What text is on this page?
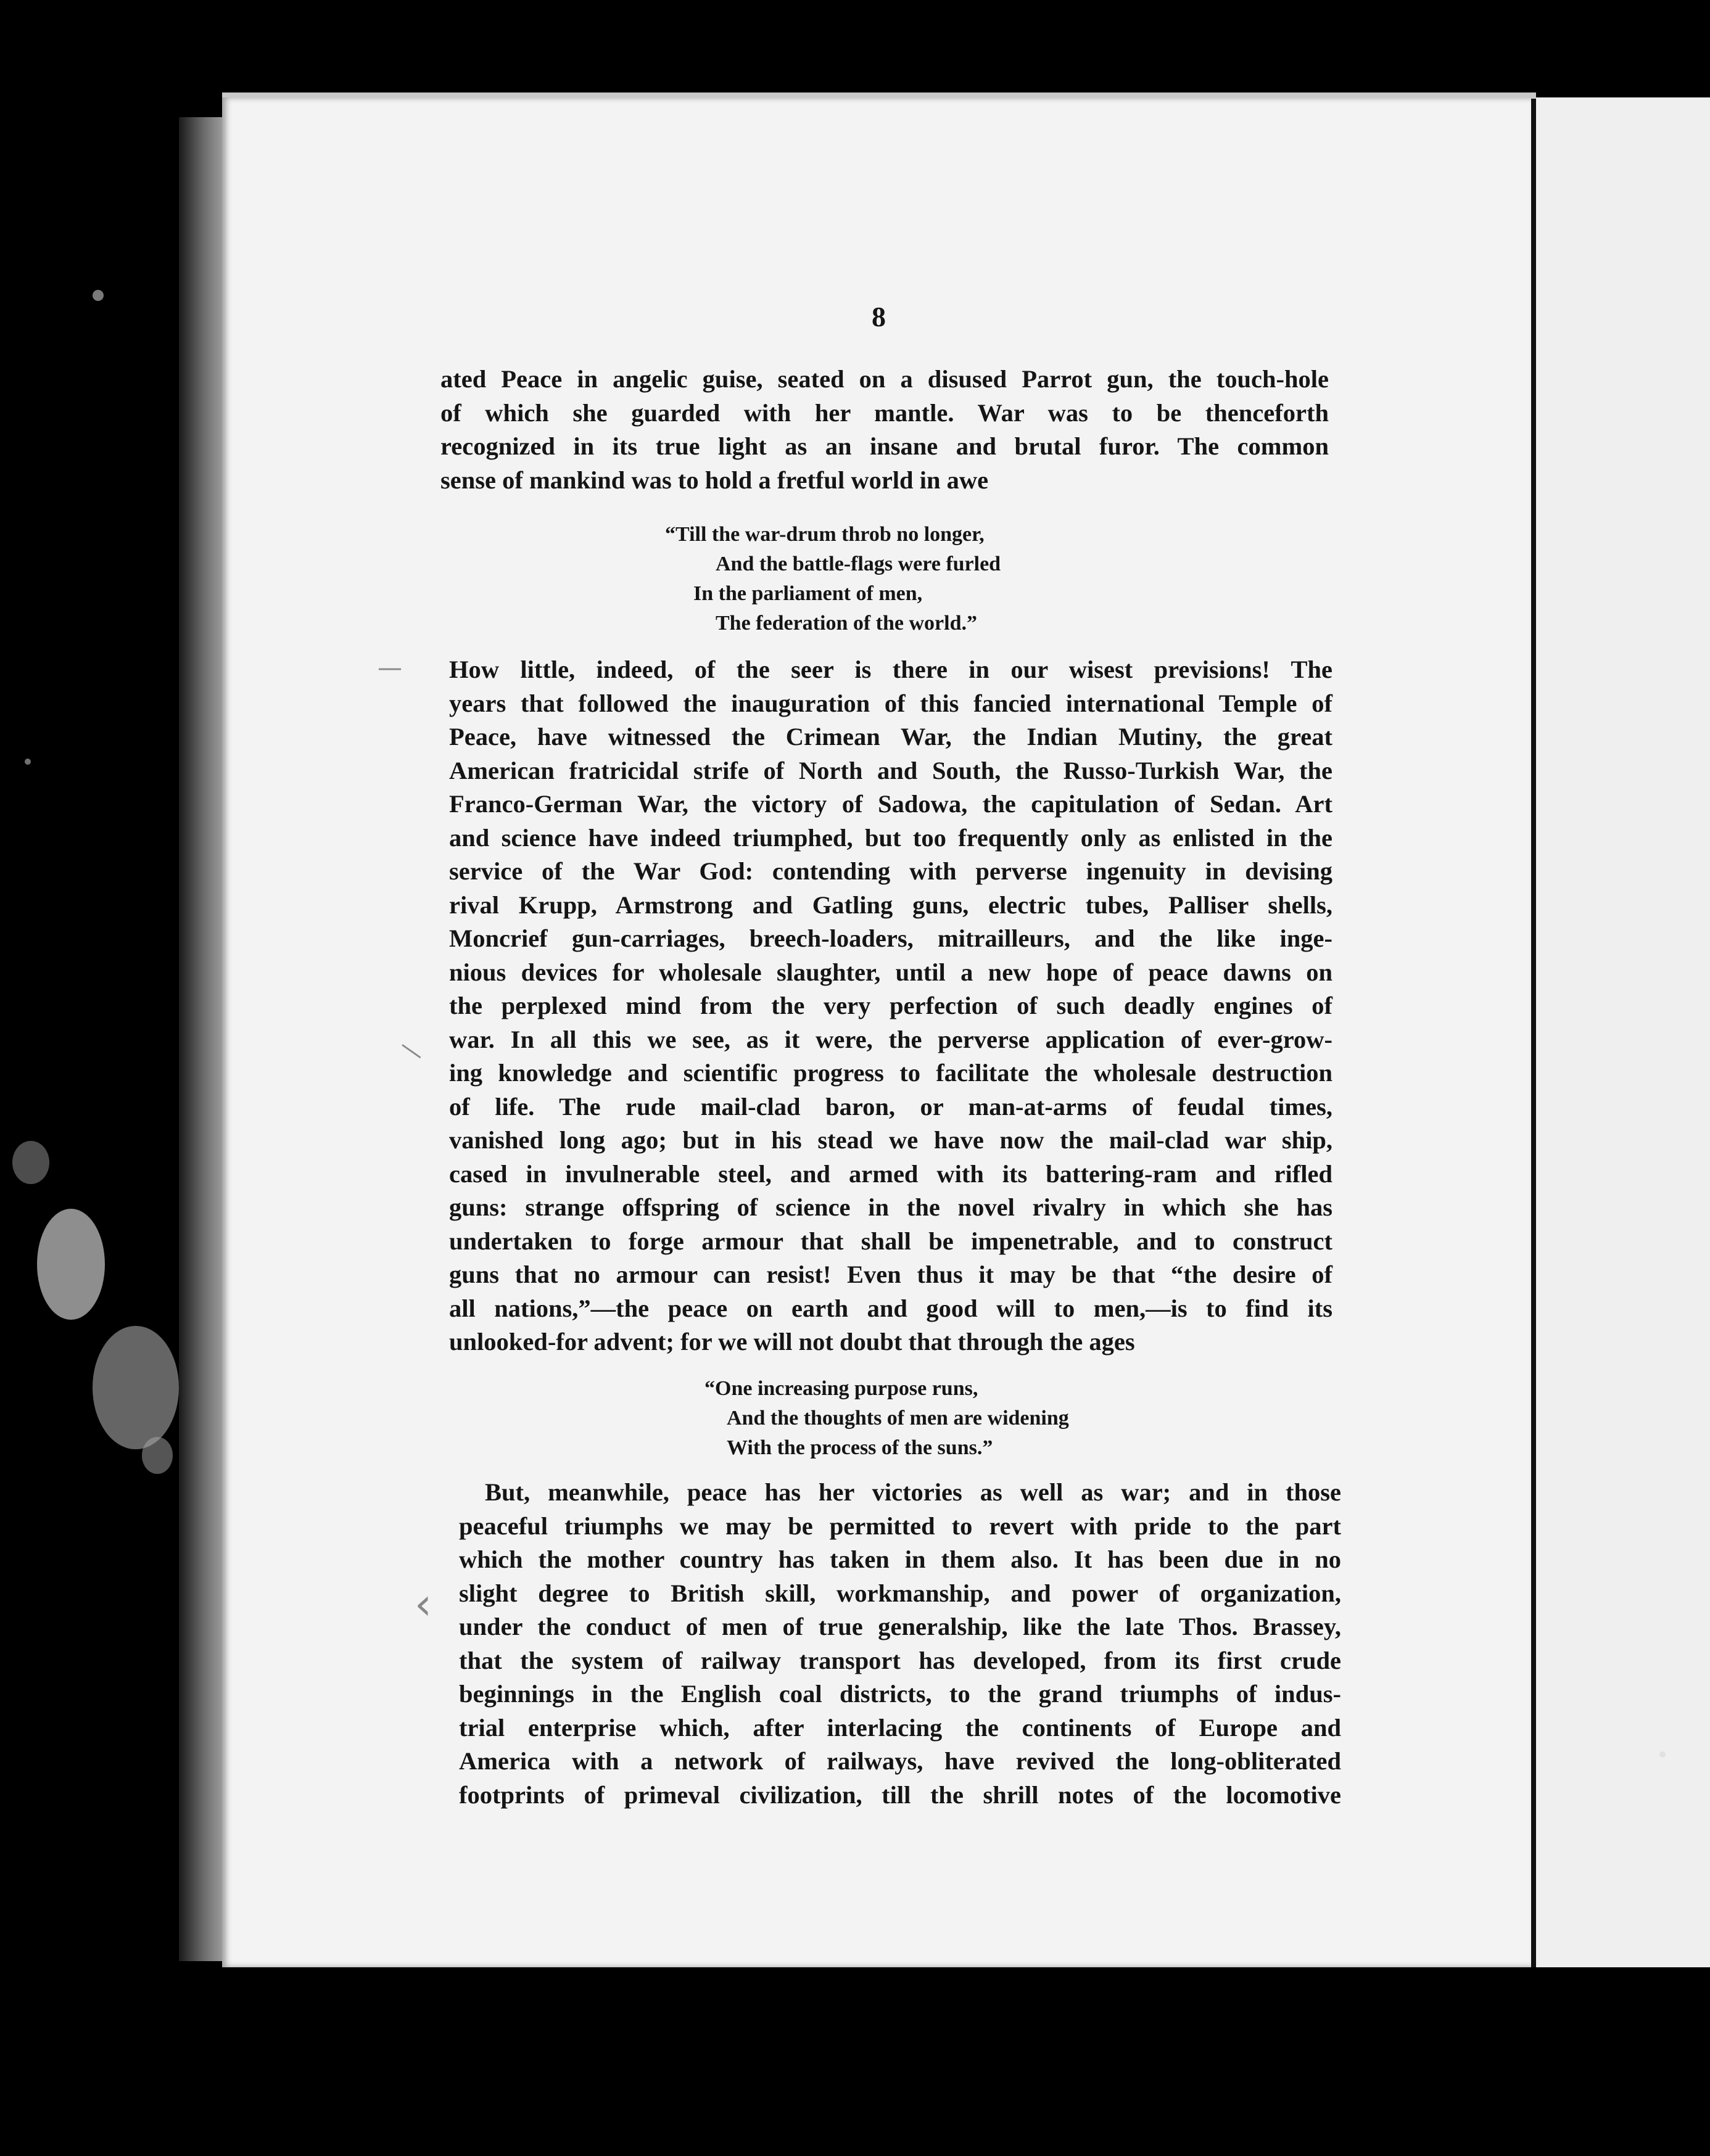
8
ated Peace in angelic guise, seated on a disused Parrot gun, the touch-hole
of which she guarded with her mantle. War was to be thenceforth
recognized in its true light as an insane and brutal furor. The common
sense of mankind was to hold a fretful world in awe
“Till the war-drum throb no longer,
And the battle-flags were furled
In the parliament of men,
The federation of the world.”
How little, indeed, of the seer is there in our wisest previsions! The
years that followed the inauguration of this fancied international Temple of
Peace, have witnessed the Crimean War, the Indian Mutiny, the great
American fratricidal strife of North and South, the Russo-Turkish War, the
Franco-German War, the victory of Sadowa, the capitulation of Sedan. Art
and science have indeed triumphed, but too frequently only as enlisted in the
service of the War God: contending with perverse ingenuity in devising
rival Krupp, Armstrong and Gatling guns, electric tubes, Palliser shells,
Moncrief gun-carriages, breech-loaders, mitrailleurs, and the like inge-
nious devices for wholesale slaughter, until a new hope of peace dawns on
the perplexed mind from the very perfection of such deadly engines of
war. In all this we see, as it were, the perverse application of ever-grow-
ing knowledge and scientific progress to facilitate the wholesale destruction
of life. The rude mail-clad baron, or man-at-arms of feudal times,
vanished long ago; but in his stead we have now the mail-clad war ship,
cased in invulnerable steel, and armed with its battering-ram and rifled
guns: strange offspring of science in the novel rivalry in which she has
undertaken to forge armour that shall be impenetrable, and to construct
guns that no armour can resist! Even thus it may be that “the desire of
all nations,”—the peace on earth and good will to men,—is to find its
unlooked-for advent; for we will not doubt that through the ages
“One increasing purpose runs,
And the thoughts of men are widening
With the process of the suns.”
But, meanwhile, peace has her victories as well as war; and in those
peaceful triumphs we may be permitted to revert with pride to the part
which the mother country has taken in them also. It has been due in no
slight degree to British skill, workmanship, and power of organization,
under the conduct of men of true generalship, like the late Thos. Brassey,
that the system of railway transport has developed, from its first crude
beginnings in the English coal districts, to the grand triumphs of indus-
trial enterprise which, after interlacing the continents of Europe and
America with a network of railways, have revived the long-obliterated
footprints of primeval civilization, till the shrill notes of the locomotive
—
—
‹
